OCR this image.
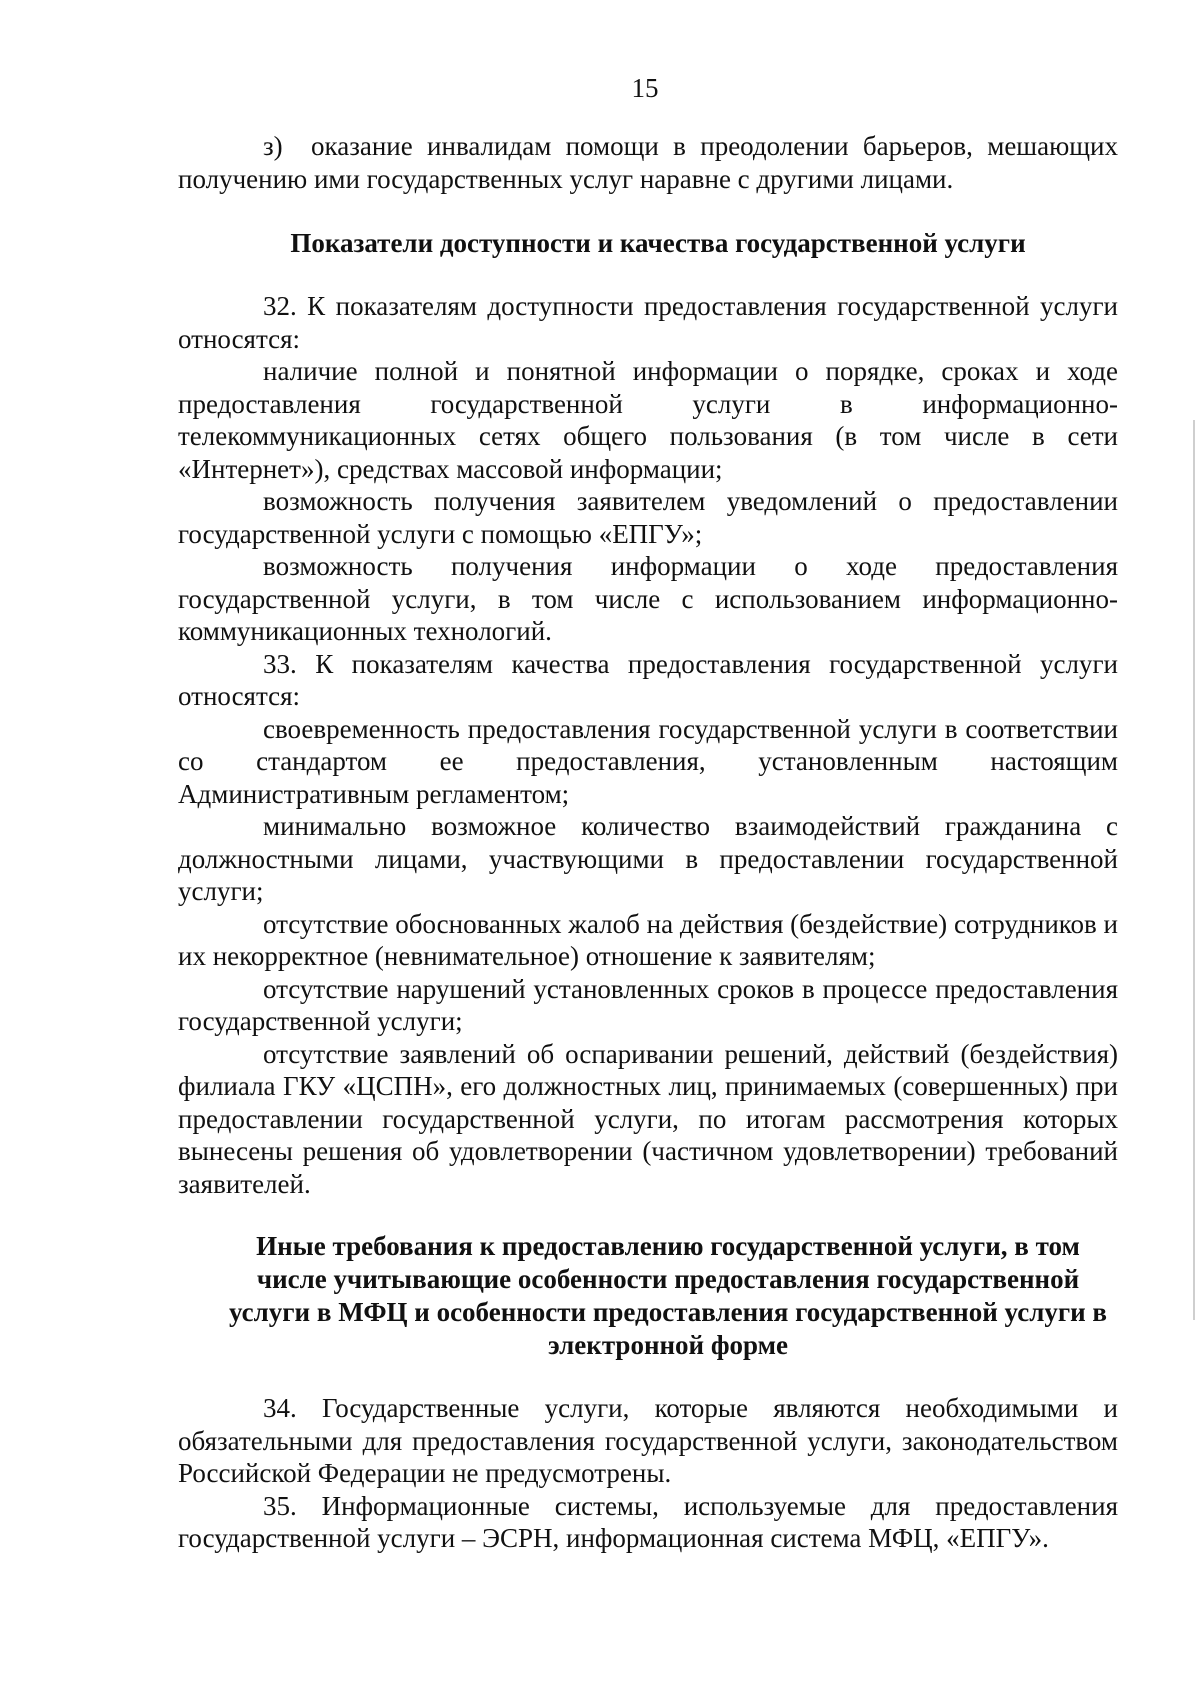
15

з) оказание инвалидам помощи в преодолении барьеров, мешающих получению ими государственных услуг наравне с другими лицами.

Показатели доступности и качества государственной услуги

32. К показателям доступности предоставления государственной услуги относятся:

наличие полной и понятной информации о порядке, сроках и ходе предоставления государственной услуги в информационно-телекоммуникационных сетях общего пользования (в том числе в сети «Интернет»), средствах массовой информации;

возможность получения заявителем уведомлений о предоставлении государственной услуги с помощью «ЕПГУ»;

возможность получения информации о ходе предоставления государственной услуги, в том числе с использованием информационно-коммуникационных технологий.

33. К показателям качества предоставления государственной услуги относятся:

своевременность предоставления государственной услуги в соответствии со стандартом ее предоставления, установленным настоящим Административным регламентом;

минимально возможное количество взаимодействий гражданина с должностными лицами, участвующими в предоставлении государственной услуги;

отсутствие обоснованных жалоб на действия (бездействие) сотрудников и их некорректное (невнимательное) отношение к заявителям;

отсутствие нарушений установленных сроков в процессе предоставления государственной услуги;

отсутствие заявлений об оспаривании решений, действий (бездействия) филиала ГКУ «ЦСПН», его должностных лиц, принимаемых (совершенных) при предоставлении государственной услуги, по итогам рассмотрения которых вынесены решения об удовлетворении (частичном удовлетворении) требований заявителей.

Иные требования к предоставлению государственной услуги, в том числе учитывающие особенности предоставления государственной услуги в МФЦ и особенности предоставления государственной услуги в электронной форме

34. Государственные услуги, которые являются необходимыми и обязательными для предоставления государственной услуги, законодательством Российской Федерации не предусмотрены.

35. Информационные системы, используемые для предоставления государственной услуги – ЭСРН, информационная система МФЦ, «ЕПГУ».
